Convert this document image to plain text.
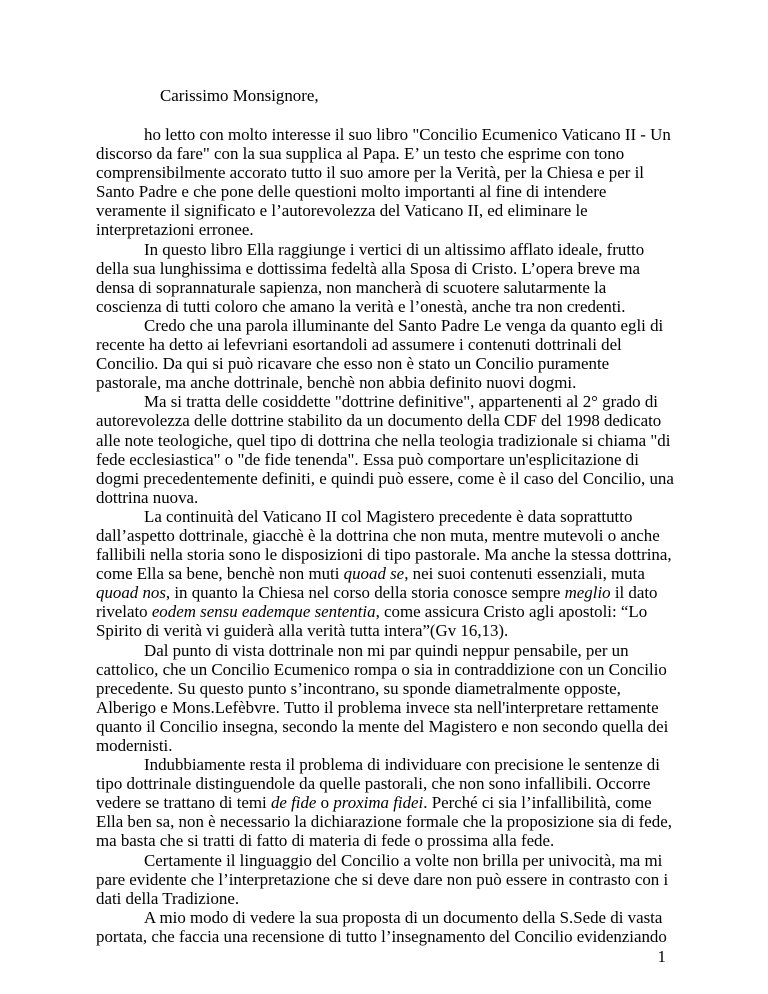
Carissimo Monsignore,

ho letto con molto interesse il suo libro "Concilio Ecumenico Vaticano II - Un discorso da fare" con la sua supplica al Papa. E’ un testo che esprime con tono comprensibilmente accorato tutto il suo amore per la Verità, per la Chiesa e per il Santo Padre e che pone delle questioni molto importanti al fine di intendere veramente il significato e l’autorevolezza del Vaticano II, ed eliminare le interpretazioni erronee.

In questo libro Ella raggiunge i vertici di un altissimo afflato ideale, frutto della sua lunghissima e dottissima fedeltà alla Sposa di Cristo. L’opera breve ma densa di soprannaturale sapienza, non mancherà di scuotere salutarmente la coscienza di tutti coloro che amano la verità e l’onestà, anche tra non credenti.

Credo che una parola illuminante del Santo Padre Le venga da quanto egli di recente ha detto ai lefevriani esortandoli ad assumere i contenuti dottrinali del Concilio. Da qui si può ricavare che esso non è stato un Concilio puramente pastorale, ma anche dottrinale, benchè non abbia definito nuovi dogmi.

Ma si tratta delle cosiddette "dottrine definitive", appartenenti al 2° grado di autorevolezza delle dottrine stabilito da un documento della CDF del 1998 dedicato alle note teologiche, quel tipo di dottrina che nella teologia tradizionale si chiama "di fede ecclesiastica" o "de fide tenenda". Essa può comportare un'esplicitazione di dogmi precedentemente definiti, e quindi può essere, come è il caso del Concilio, una dottrina nuova.

La continuità del Vaticano II col Magistero precedente è data soprattutto dall’aspetto dottrinale, giacchè è la dottrina che non muta, mentre mutevoli o anche fallibili nella storia sono le disposizioni di tipo pastorale. Ma anche la stessa dottrina, come Ella sa bene, benchè non muti quoad se, nei suoi contenuti essenziali, muta quoad nos, in quanto la Chiesa nel corso della storia conosce sempre meglio il dato rivelato eodem sensu eademque sententia, come assicura Cristo agli apostoli: “Lo Spirito di verità vi guiderà alla verità tutta intera”(Gv 16,13).

Dal punto di vista dottrinale non mi par quindi neppur pensabile, per un cattolico, che un Concilio Ecumenico rompa o sia in contraddizione con un Concilio precedente. Su questo punto s’incontrano, su sponde diametralmente opposte, Alberigo e Mons.Lefèbvre. Tutto il problema invece sta nell'interpretare rettamente quanto il Concilio insegna, secondo la mente del Magistero e non secondo quella dei modernisti.

Indubbiamente resta il problema di individuare con precisione le sentenze di tipo dottrinale distinguendole da quelle pastorali, che non sono infallibili. Occorre vedere se trattano di temi de fide o proxima fidei. Perché ci sia l’infallibilità, come Ella ben sa, non è necessario la dichiarazione formale che la proposizione sia di fede, ma basta che si tratti di fatto di materia di fede o prossima alla fede.

Certamente il linguaggio del Concilio a volte non brilla per univocità, ma mi pare evidente che l’interpretazione che si deve dare non può essere in contrasto con i dati della Tradizione.

A mio modo di vedere la sua proposta di un documento della S.Sede di vasta portata, che faccia una recensione di tutto l’insegnamento del Concilio evidenziando

1
